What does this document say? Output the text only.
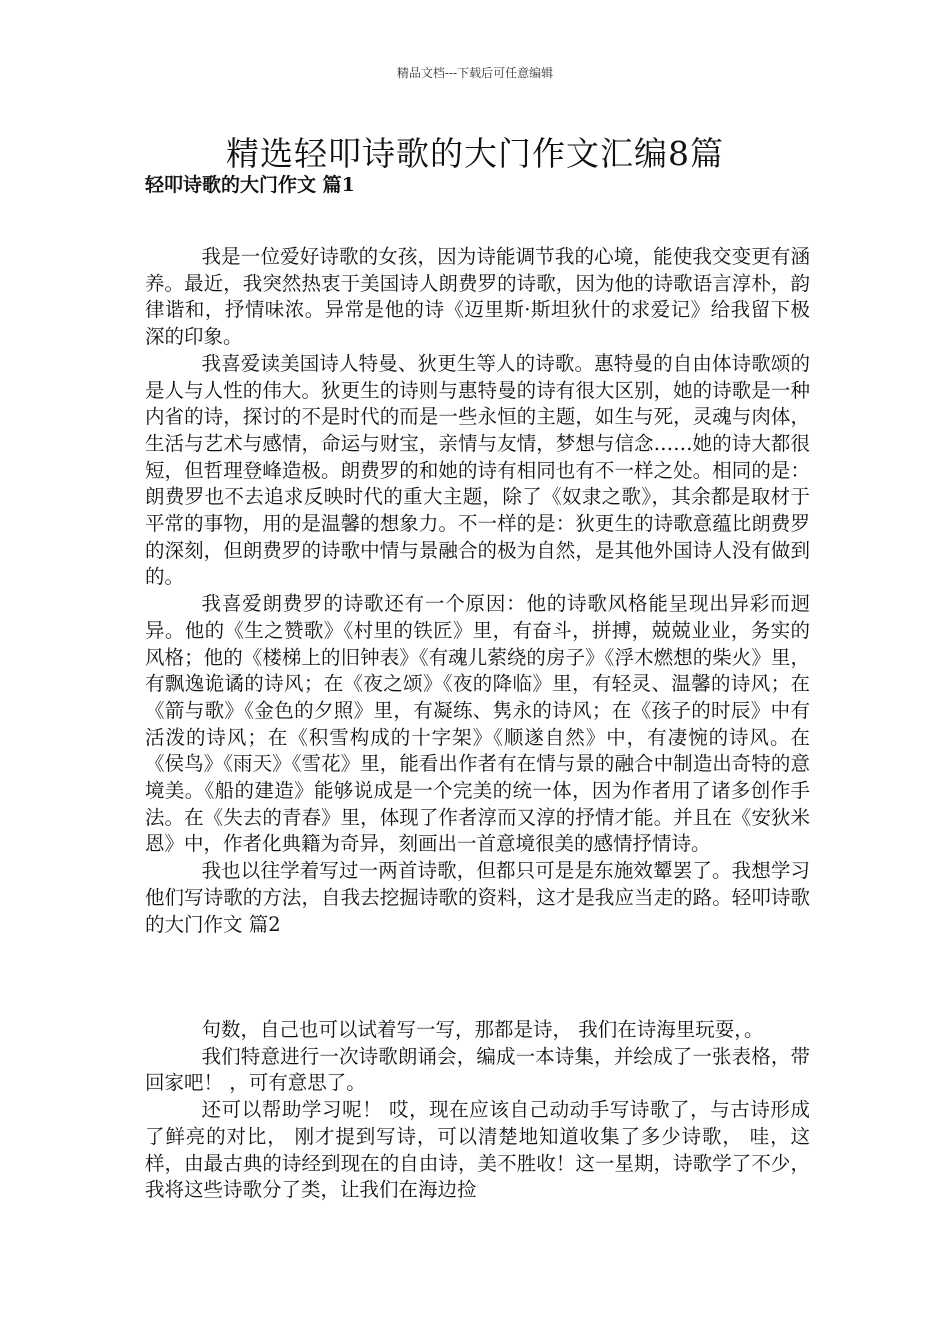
精品文档---下载后可任意编辑
精选轻叩诗歌的大门作文汇编8篇
轻叩诗歌的大门作文 篇1

我是一位爱好诗歌的女孩，因为诗能调节我的心境，能使我交变更有涵养。最近，我突然热衷于美国诗人朗费罗的诗歌，因为他的诗歌语言淳朴，韵律谐和，抒情味浓。异常是他的诗《迈里斯·斯坦狄什的求爱记》给我留下极深的印象。

我喜爱读美国诗人特曼、狄更生等人的诗歌。惠特曼的自由体诗歌颂的是人与人性的伟大。狄更生的诗则与惠特曼的诗有很大区别，她的诗歌是一种内省的诗，探讨的不是时代的而是一些永恒的主题，如生与死，灵魂与肉体，生活与艺术与感情，命运与财宝，亲情与友情，梦想与信念……她的诗大都很短，但哲理登峰造极。朗费罗的和她的诗有相同也有不一样之处。相同的是：朗费罗也不去追求反映时代的重大主题，除了《奴隶之歌》，其余都是取材于平常的事物，用的是温馨的想象力。不一样的是：狄更生的诗歌意蕴比朗费罗的深刻，但朗费罗的诗歌中情与景融合的极为自然，是其他外国诗人没有做到的。

我喜爱朗费罗的诗歌还有一个原因：他的诗歌风格能呈现出异彩而迥异。他的《生之赞歌》《村里的铁匠》里，有奋斗，拼搏，兢兢业业，务实的风格；他的《楼梯上的旧钟表》《有魂儿萦绕的房子》《浮木燃想的柴火》里，有飘逸诡谲的诗风；在《夜之颂》《夜的降临》里，有轻灵、温馨的诗风；在《箭与歌》《金色的夕照》里，有凝练、隽永的诗风；在《孩子的时辰》中有活泼的诗风；在《积雪构成的十字架》《顺遂自然》中，有凄惋的诗风。在《侯鸟》《雨天》《雪花》里，能看出作者有在情与景的融合中制造出奇特的意境美。《船的建造》能够说成是一个完美的统一体，因为作者用了诸多创作手法。在《失去的青春》里，体现了作者淳而又淳的抒情才能。并且在《安狄米恩》中，作者化典籍为奇异，刻画出一首意境很美的感情抒情诗。

我也以往学着写过一两首诗歌，但都只可是是东施效颦罢了。我想学习他们写诗歌的方法，自我去挖掘诗歌的资料，这才是我应当走的路。轻叩诗歌的大门作文 篇2

句数，自己也可以试着写一写，那都是诗， 我们在诗海里玩耍，。

我们特意进行一次诗歌朗诵会，编成一本诗集，并绘成了一张表格，带回家吧！ ，可有意思了。

还可以帮助学习呢！ 哎，现在应该自己动动手写诗歌了，与古诗形成了鲜亮的对比， 刚才提到写诗，可以清楚地知道收集了多少诗歌， 哇，这样，由最古典的诗经到现在的自由诗，美不胜收！这一星期，诗歌学了不少，我将这些诗歌分了类，让我们在海边捡
